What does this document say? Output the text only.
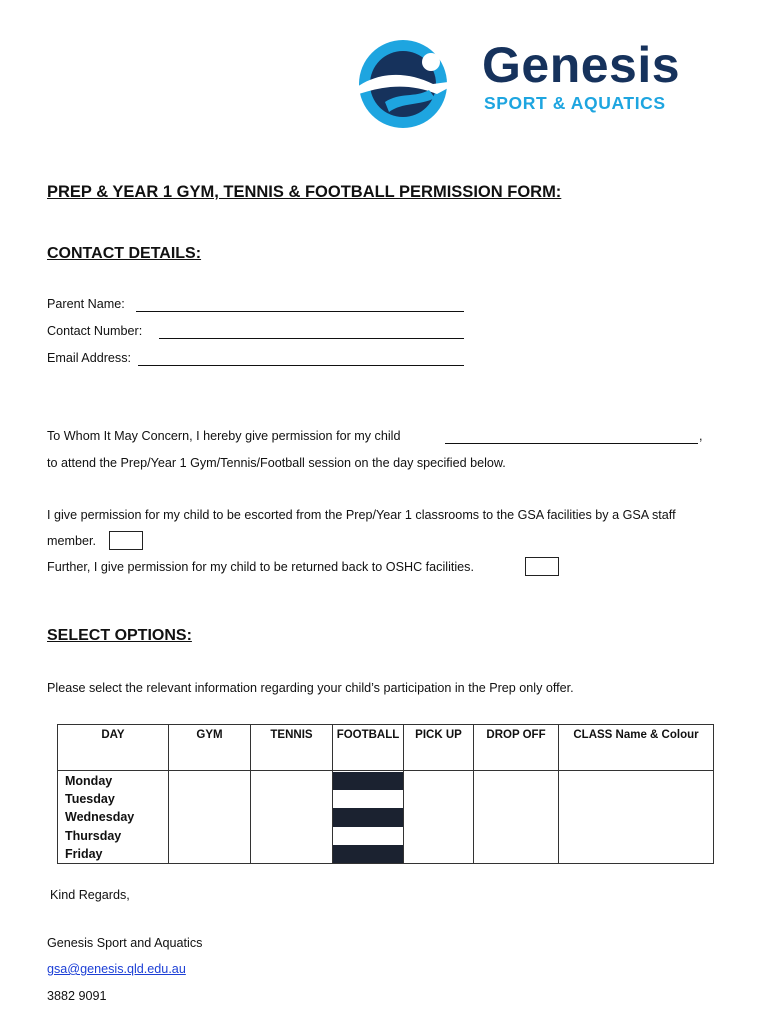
Genesis
SPORT & AQUATICS
PREP & YEAR 1 GYM, TENNIS & FOOTBALL PERMISSION FORM:
CONTACT DETAILS:
Parent Name:
Contact Number:
Email Address:
To Whom It May Concern, I hereby give permission for my child	,
to attend the Prep/Year 1 Gym/Tennis/Football session on the day specified below.
I give permission for my child to be escorted from the Prep/Year 1 classrooms to the GSA facilities by a GSA staff
member.
Further, I give permission for my child to be returned back to OSHC facilities.
SELECT OPTIONS:
Please select the relevant information regarding your child’s participation in the Prep only offer.
DAY	GYM	TENNIS	FOOTBALL	PICK UP	DROP OFF	CLASS Name & Colour

Monday
Tuesday
Wednesday
Thursday
Friday						

Kind Regards,
Genesis Sport and Aquatics
gsa@genesis.qld.edu.au
3882 9091
